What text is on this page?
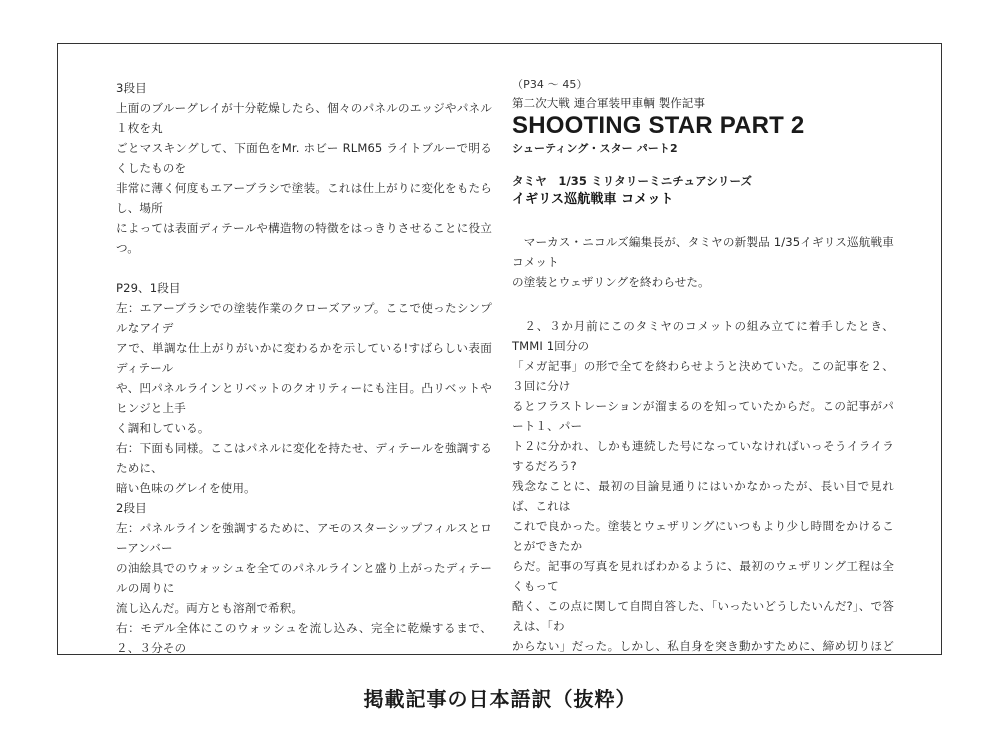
3段目

上面のブルーグレイが十分乾燥したら、個々のパネルのエッジやパネル１枚を丸
ごとマスキングして、下面色をMr. ホビー RLM65 ライトブルーで明るくしたものを
非常に薄く何度もエアーブラシで塗装。これは仕上がりに変化をもたらし、場所
によっては表面ディテールや構造物の特徴をはっきりさせることに役立つ。

P29、1段目

左：エアーブラシでの塗装作業のクローズアップ。ここで使ったシンプルなアイデ
アで、単調な仕上がりがいかに変わるかを示している!すばらしい表面ディテール
や、凹パネルラインとリベットのクオリティーにも注目。凸リベットやヒンジと上手
く調和している。
右：下面も同様。ここはパネルに変化を持たせ、ディテールを強調するために、
暗い色味のグレイを使用。

2段目

左：パネルラインを強調するために、アモのスターシップフィルスとローアンバー
の油絵具でのウォッシュを全てのパネルラインと盛り上がったディテールの周りに
流し込んだ。両方とも溶剤で希釈。
右：モデル全体にこのウォッシュを流し込み、完全に乾燥するまで、２、３分その

（P34 ～ 45）

第二次大戦 連合軍装甲車輌 製作記事

SHOOTING STAR PART 2

シューティング・スター パート2

タミヤ　1/35 ミリタリーミニチュアシリーズ

イギリス巡航戦車 コメット

　マーカス・ニコルズ編集長が、タミヤの新製品 1/35イギリス巡航戦車コメット
の塗装とウェザリングを終わらせた。

　２、３か月前にこのタミヤのコメットの組み立てに着手したとき、TMMI 1回分の
「メガ記事」の形で全てを終わらせようと決めていた。この記事を２、３回に分け
るとフラストレーションが溜まるのを知っていたからだ。この記事がパート１、パー
ト２に分かれ、しかも連続した号になっていなければいっそうイライラするだろう?
残念なことに、最初の目論見通りにはいかなかったが、長い目で見れば、これは
これで良かった。塗装とウェザリングにいつもより少し時間をかけることができたか
らだ。記事の写真を見ればわかるように、最初のウェザリング工程は全くもって
酷く、この点に関して自問自答した、「いったいどうしたいんだ?」、で答えは、「わ
からない」だった。しかし、私自身を突き動かすために、締め切りほど

掲載記事の日本語訳（抜粋）
